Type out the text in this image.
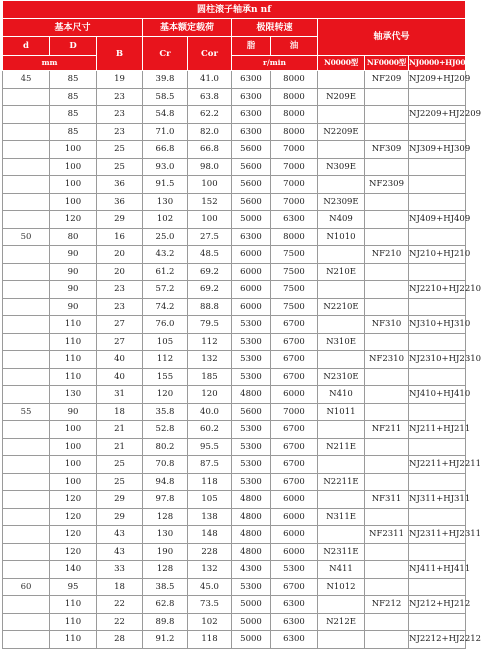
圆柱滚子轴承n nf									
基本尺寸			基本额定载荷		极限转速		轴承代号		
d	D	B	Cr	Cor	脂	油			
mm					r/min		N0000型	NF0000型	NJ0000+HJ0000型
45	85	19	39.8	41.0	6300	8000		NF209	NJ209+HJ209
	85	23	58.5	63.8	6300	8000	N209E		
	85	23	54.8	62.2	6300	8000			NJ2209+HJ2209
	85	23	71.0	82.0	6300	8000	N2209E		
	100	25	66.8	66.8	5600	7000		NF309	NJ309+HJ309
	100	25	93.0	98.0	5600	7000	N309E		
	100	36	91.5	100	5600	7000		NF2309	
	100	36	130	152	5600	7000	N2309E		
	120	29	102	100	5000	6300	N409		NJ409+HJ409
50	80	16	25.0	27.5	6300	8000	N1010		
	90	20	43.2	48.5	6000	7500		NF210	NJ210+HJ210
	90	20	61.2	69.2	6000	7500	N210E		
	90	23	57.2	69.2	6000	7500			NJ2210+HJ2210
	90	23	74.2	88.8	6000	7500	N2210E		
	110	27	76.0	79.5	5300	6700		NF310	NJ310+HJ310
	110	27	105	112	5300	6700	N310E		
	110	40	112	132	5300	6700		NF2310	NJ2310+HJ2310
	110	40	155	185	5300	6700	N2310E		
	130	31	120	120	4800	6000	N410		NJ410+HJ410
55	90	18	35.8	40.0	5600	7000	N1011		
	100	21	52.8	60.2	5300	6700		NF211	NJ211+HJ211
	100	21	80.2	95.5	5300	6700	N211E		
	100	25	70.8	87.5	5300	6700			NJ2211+HJ2211
	100	25	94.8	118	5300	6700	N2211E		
	120	29	97.8	105	4800	6000		NF311	NJ311+HJ311
	120	29	128	138	4800	6000	N311E		
	120	43	130	148	4800	6000		NF2311	NJ2311+HJ2311
	120	43	190	228	4800	6000	N2311E		
	140	33	128	132	4300	5300	N411		NJ411+HJ411
60	95	18	38.5	45.0	5300	6700	N1012		
	110	22	62.8	73.5	5000	6300		NF212	NJ212+HJ212
	110	22	89.8	102	5000	6300	N212E		
	110	28	91.2	118	5000	6300			NJ2212+HJ2212
